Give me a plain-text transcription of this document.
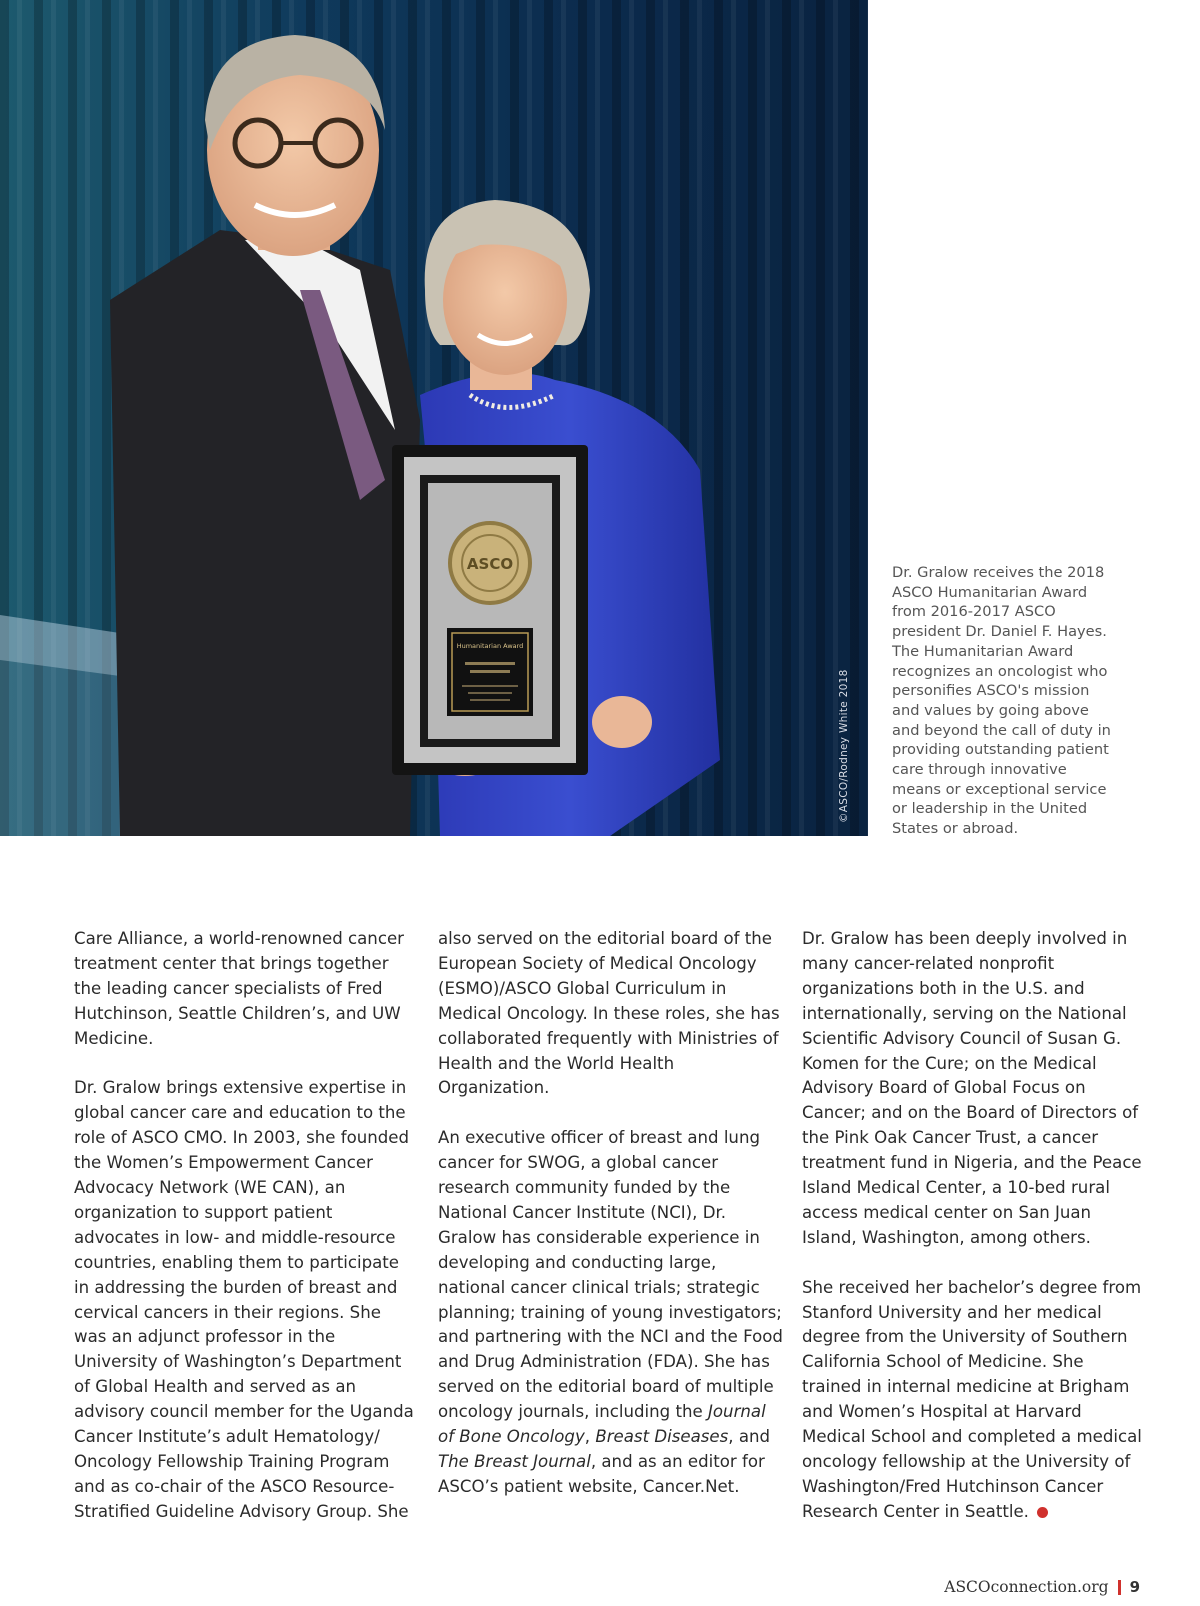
ASCO
Humanitarian Award
©ASCO/Rodney White 2018
Dr. Gralow receives the 2018 ASCO Humanitarian Award from 2016-2017 ASCO president Dr. Daniel F. Hayes. The Humanitarian Award recognizes an oncologist who personifies ASCO's mission and values by going above and beyond the call of duty in providing outstanding patient care through innovative means or exceptional service or leadership in the United States or abroad.

Care Alliance, a world-renowned cancer treatment center that brings together the leading cancer specialists of Fred Hutchinson, Seattle Children’s, and UW Medicine.

Dr. Gralow brings extensive expertise in global cancer care and education to the role of ASCO CMO. In 2003, she founded the Women’s Empowerment Cancer Advocacy Network (WE CAN), an organization to support patient advocates in low- and middle-resource countries, enabling them to participate in addressing the burden of breast and cervical cancers in their regions. She was an adjunct professor in the University of Washington’s Department of Global Health and served as an advisory council member for the Uganda Cancer Institute’s adult Hematology/ Oncology Fellowship Training Program and as co-chair of the ASCO Resource-Stratified Guideline Advisory Group. She

also served on the editorial board of the European Society of Medical Oncology (ESMO)/ASCO Global Curriculum in Medical Oncology. In these roles, she has collaborated frequently with Ministries of Health and the World Health Organization.

An executive officer of breast and lung cancer for SWOG, a global cancer research community funded by the National Cancer Institute (NCI), Dr. Gralow has considerable experience in developing and conducting large, national cancer clinical trials; strategic planning; training of young investigators; and partnering with the NCI and the Food and Drug Administration (FDA). She has served on the editorial board of multiple oncology journals, including the Journal of Bone Oncology, Breast Diseases, and The Breast Journal, and as an editor for ASCO’s patient website, Cancer.Net.

Dr. Gralow has been deeply involved in many cancer-related nonprofit organizations both in the U.S. and internationally, serving on the National Scientific Advisory Council of Susan G. Komen for the Cure; on the Medical Advisory Board of Global Focus on Cancer; and on the Board of Directors of the Pink Oak Cancer Trust, a cancer treatment fund in Nigeria, and the Peace Island Medical Center, a 10-bed rural access medical center on San Juan Island, Washington, among others.

She received her bachelor’s degree from Stanford University and her medical degree from the University of Southern California School of Medicine. She trained in internal medicine at Brigham and Women’s Hospital at Harvard Medical School and completed a medical oncology fellowship at the University of Washington/Fred Hutchinson Cancer Research Center in Seattle.

ASCOconnection.org 9
